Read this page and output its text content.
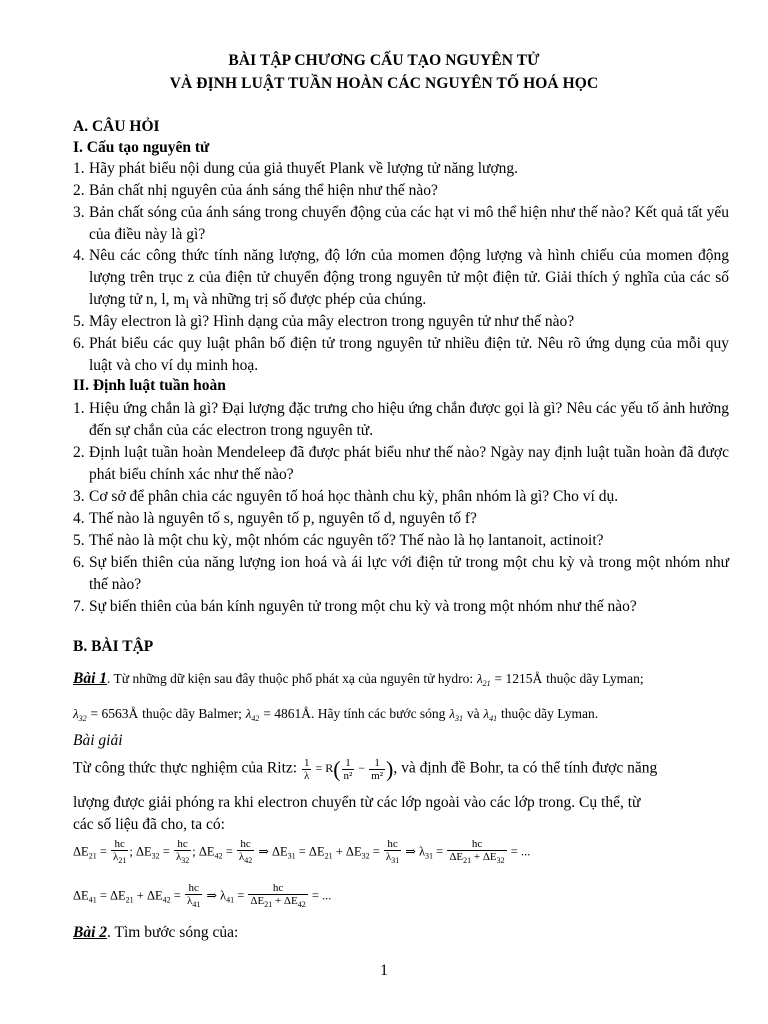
BÀI TẬP CHƯƠNG CẤU TẠO NGUYÊN TỬ
VÀ ĐỊNH LUẬT TUẦN HOÀN CÁC NGUYÊN TỐ HOÁ HỌC
A. CÂU HỎI
I. Cấu tạo nguyên tử
1. Hãy phát biểu nội dung của giả thuyết Plank về lượng tử năng lượng.
2. Bản chất nhị nguyên của ánh sáng thể hiện như thế nào?
3. Bản chất sóng của ánh sáng trong chuyển động của các hạt vi mô thể hiện như thế nào? Kết quả tất yếu của điều này là gì?
4. Nêu các công thức tính năng lượng, độ lớn của momen động lượng và hình chiếu của momen động lượng trên trục z của điện tử chuyển động trong nguyên tử một điện tử. Giải thích ý nghĩa của các số lượng tử n, l, $m_l$ và những trị số được phép của chúng.
5. Mây electron là gì? Hình dạng của mây electron trong nguyên tử như thế nào?
6. Phát biểu các quy luật phân bố điện tử trong nguyên tử nhiều điện tử. Nêu rõ ứng dụng của mỗi quy luật và cho ví dụ minh hoạ.
II. Định luật tuần hoàn
1. Hiệu ứng chắn là gì? Đại lượng đặc trưng cho hiệu ứng chắn được gọi là gì? Nêu các yếu tố ảnh hưởng đến sự chắn của các electron trong nguyên tử.
2. Định luật tuần hoàn Mendeleep đã được phát biểu như thế nào? Ngày nay định luật tuần hoàn đã được phát biểu chính xác như thế nào?
3. Cơ sở để phân chia các nguyên tố hoá học thành chu kỳ, phân nhóm là gì? Cho ví dụ.
4. Thế nào là nguyên tố s, nguyên tố p, nguyên tố d, nguyên tố f?
5. Thế nào là một chu kỳ, một nhóm các nguyên tố? Thế nào là họ lantanoit, actinoit?
6. Sự biến thiên của năng lượng ion hoá và ái lực với điện tử trong một chu kỳ và trong một nhóm như thế nào?
7. Sự biến thiên của bán kính nguyên tử trong một chu kỳ và trong một nhóm như thế nào?
B. BÀI TẬP
Bài 1. Từ những dữ kiện sau đây thuộc phổ phát xạ của nguyên tử hydro: $\lambda_{21}$ = 1215Å thuộc dãy Lyman;
$\lambda_{32}$ = 6563Å thuộc dãy Balmer; $\lambda_{42}$ = 4861Å. Hãy tính các bước sóng $\lambda_{31}$ và $\lambda_{41}$ thuộc dãy Lyman.
Bài giải
Từ công thức thực nghiệm của Ritz: $\frac{1}{\lambda} = R( \frac{1}{\text{n²}} - \frac{1}{\text{m²}}$ ), và định đề Bohr, ta có thể tính được năng
lượng được giải phóng ra khi electron chuyển từ các lớp ngoài vào các lớp trong. Cụ thể, từ
các số liệu đã cho, ta có:
$\Delta E_{21} = \frac{hc}{\lambda_{21}}$ ; $\Delta E_{32} = \frac{hc}{\lambda_{32}}$ ; $\Delta E_{42} = \frac{hc}{\lambda_{42}}$ ⇒ $\Delta E_{31} = \Delta E_{21} + \Delta E_{32} = \frac{hc}{\lambda_{31}}$ ⇒ $\lambda_{31} = \frac{hc}{\Delta E_{21} + \Delta E_{32}}$ = ...
$\Delta E_{41} = \Delta E_{21} + \Delta E_{42} = \frac{hc}{\lambda_{41}}$ ⇒ $\lambda_{41} = \frac{hc}{\Delta E_{21} + \Delta E_{42}}$ = ...
Bài 2. Tìm bước sóng của:
1
